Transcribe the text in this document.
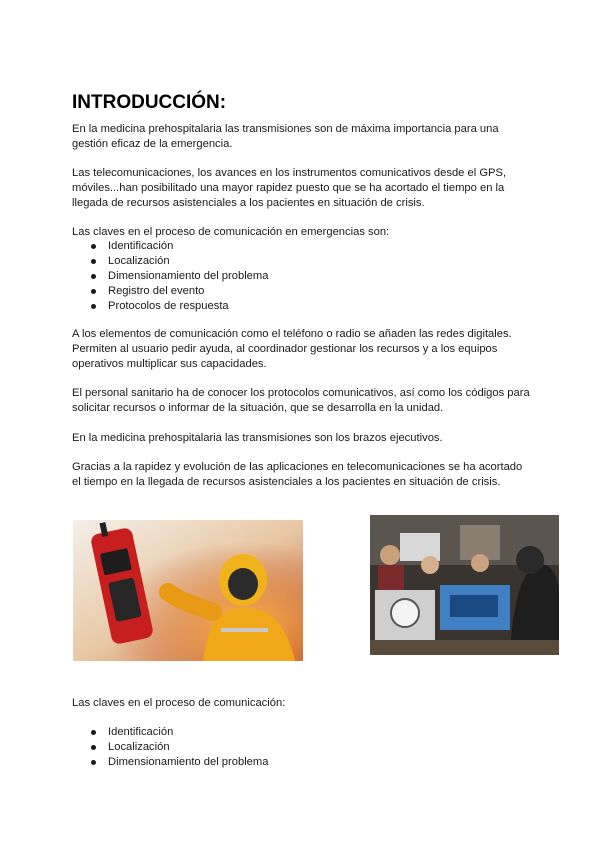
INTRODUCCIÓN:

En la medicina prehospitalaria las transmisiones son de máxima importancia para una gestión eficaz de la emergencia.

Las telecomunicaciones, los avances en los instrumentos comunicativos desde el GPS, móviles...han posibilitado una mayor rapidez puesto que se ha acortado el tiempo en la llegada de recursos asistenciales a los pacientes en situación de crisis.

Las claves en el proceso de comunicación en emergencias son:

Identificación
Localización
Dimensionamiento del problema
Registro del evento
Protocolos de respuesta

A los elementos de comunicación como el teléfono o radio se añaden las redes digitales. Permiten al usuario pedir ayuda, al coordinador gestionar los recursos y a los equipos operativos multiplicar sus capacidades.

El personal sanitario ha de conocer los protocolos comunicativos, así como los códigos para solicitar recursos o informar de la situación, que se desarrolla en la unidad.

En la medicina prehospitalaria las transmisiones son los brazos ejecutivos.

Gracias a la rapidez y evolución de las aplicaciones en telecomunicaciones se ha acortado el tiempo en la llegada de recursos asistenciales a los pacientes en situación de crisis.

Las claves en el proceso de comunicación:

Identificación
Localización
Dimensionamiento del problema
